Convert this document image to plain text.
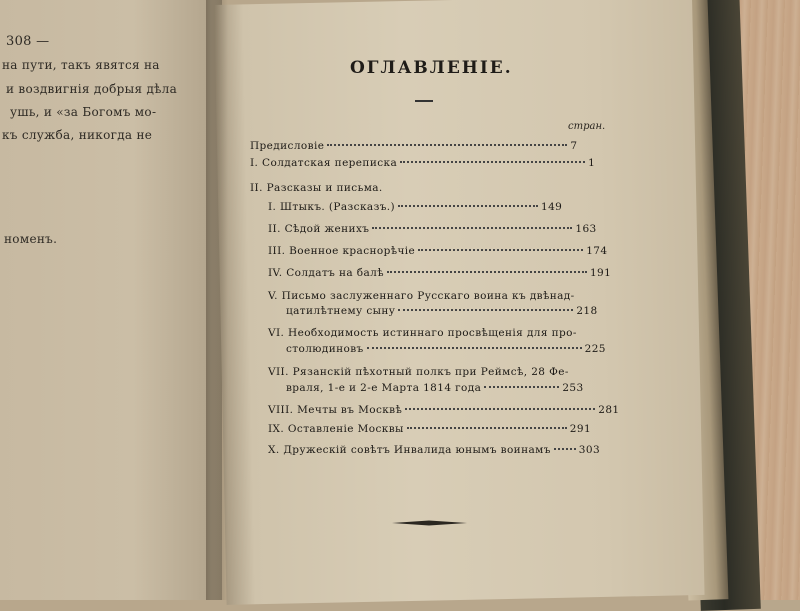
308 —
на пути, такъ явятся на
и воздвигнія добрыя дѣла
ушь, и «за Богомъ мо-
къ служба, никогда не
номенъ.
ОГЛАВЛЕНІЕ.
стран.
Предисловіе	7
I. Солдатская переписка	1
II. Разсказы и письма.
I. Штыкъ. (Разсказъ.)	149
II. Сѣдой женихъ	163
III. Военное краснорѣчіе	174
IV. Солдатъ на балѣ	191
V. Письмо заслуженнаго Русскаго воина къ двѣнад-
цатилѣтнему сыну	218
VI. Необходимость истиннаго просвѣщенія для про-
столюдиновъ	225
VII. Рязанскій пѣхотный полкъ при Реймсѣ, 28 Фе-
враля, 1-е и 2-е Марта 1814 года	253
VIII. Мечты въ Москвѣ	281
IX. Оставленіе Москвы	291
X. Дружескій совѣтъ Инвалида юнымъ воинамъ	303
